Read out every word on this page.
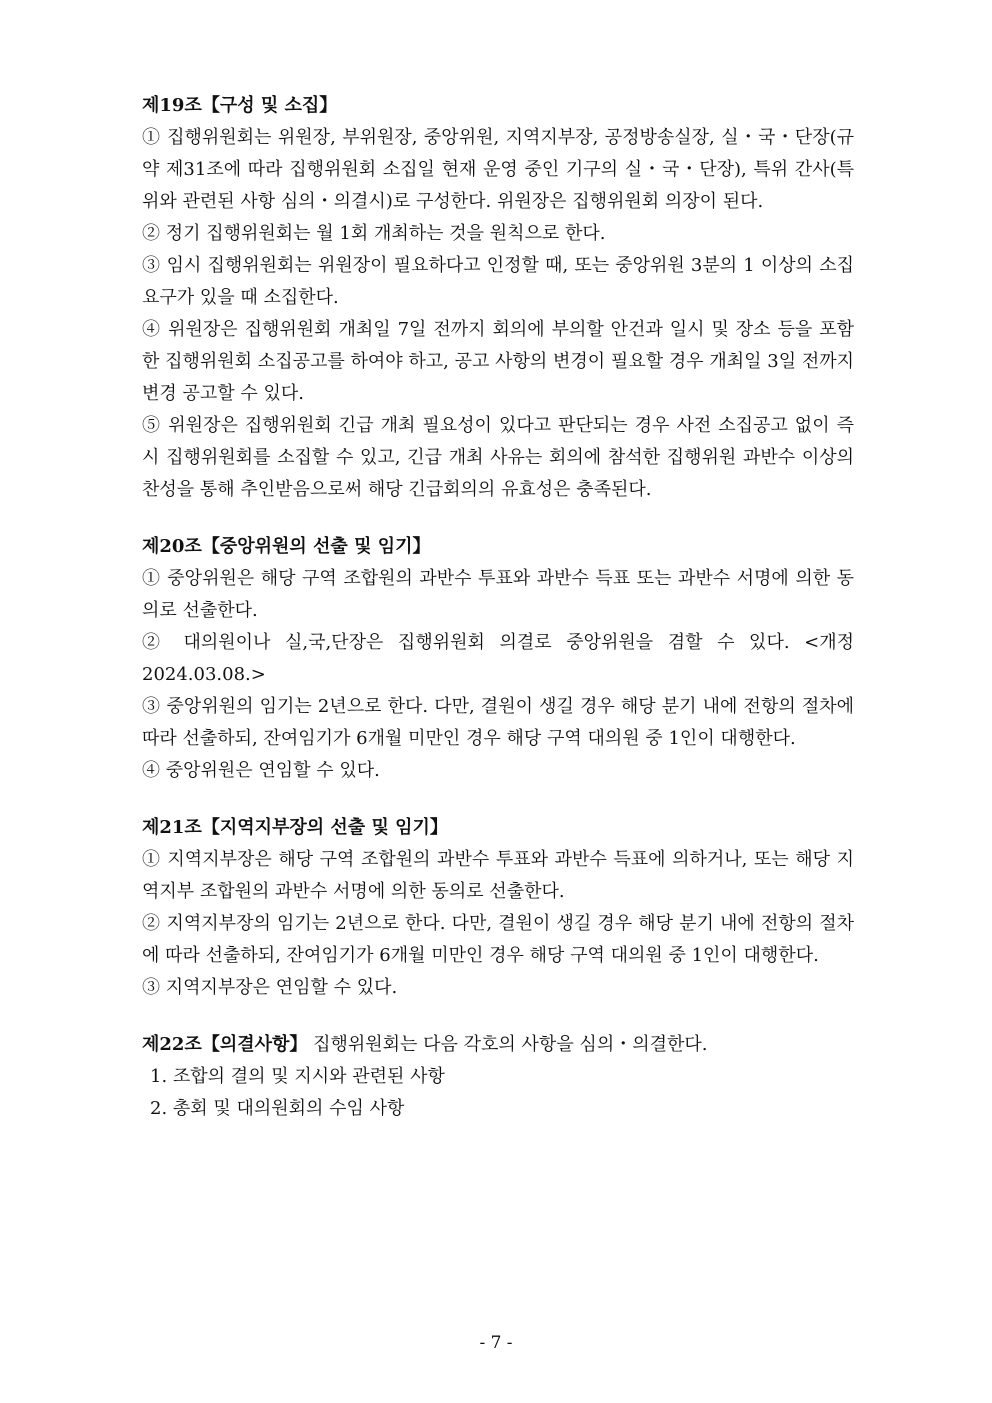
제19조【구성 및 소집】

① 집행위원회는 위원장, 부위원장, 중앙위원, 지역지부장, 공정방송실장, 실・국・단장(규약 제31조에 따라 집행위원회 소집일 현재 운영 중인 기구의 실・국・단장), 특위 간사(특위와 관련된 사항 심의・의결시)로 구성한다. 위원장은 집행위원회 의장이 된다.

② 정기 집행위원회는 월 1회 개최하는 것을 원칙으로 한다.

③ 임시 집행위원회는 위원장이 필요하다고 인정할 때, 또는 중앙위원 3분의 1 이상의 소집 요구가 있을 때 소집한다.

④ 위원장은 집행위원회 개최일 7일 전까지 회의에 부의할 안건과 일시 및 장소 등을 포함한 집행위원회 소집공고를 하여야 하고, 공고 사항의 변경이 필요할 경우 개최일 3일 전까지 변경 공고할 수 있다.

⑤ 위원장은 집행위원회 긴급 개최 필요성이 있다고 판단되는 경우 사전 소집공고 없이 즉시 집행위원회를 소집할 수 있고, 긴급 개최 사유는 회의에 참석한 집행위원 과반수 이상의 찬성을 통해 추인받음으로써 해당 긴급회의의 유효성은 충족된다.

제20조【중앙위원의 선출 및 임기】

① 중앙위원은 해당 구역 조합원의 과반수 투표와 과반수 득표 또는 과반수 서명에 의한 동의로 선출한다.

② 대의원이나 실,국,단장은 집행위원회 의결로 중앙위원을 겸할 수 있다. <개정 2024.03.08.>

③ 중앙위원의 임기는 2년으로 한다. 다만, 결원이 생길 경우 해당 분기 내에 전항의 절차에 따라 선출하되, 잔여임기가 6개월 미만인 경우 해당 구역 대의원 중 1인이 대행한다.

④ 중앙위원은 연임할 수 있다.

제21조【지역지부장의 선출 및 임기】

① 지역지부장은 해당 구역 조합원의 과반수 투표와 과반수 득표에 의하거나, 또는 해당 지역지부 조합원의 과반수 서명에 의한 동의로 선출한다.

② 지역지부장의 임기는 2년으로 한다. 다만, 결원이 생길 경우 해당 분기 내에 전항의 절차에 따라 선출하되, 잔여임기가 6개월 미만인 경우 해당 구역 대의원 중 1인이 대행한다.

③ 지역지부장은 연임할 수 있다.

제22조【의결사항】 집행위원회는 다음 각호의 사항을 심의・의결한다.

1. 조합의 결의 및 지시와 관련된 사항

2. 총회 및 대의원회의 수임 사항

- 7 -
